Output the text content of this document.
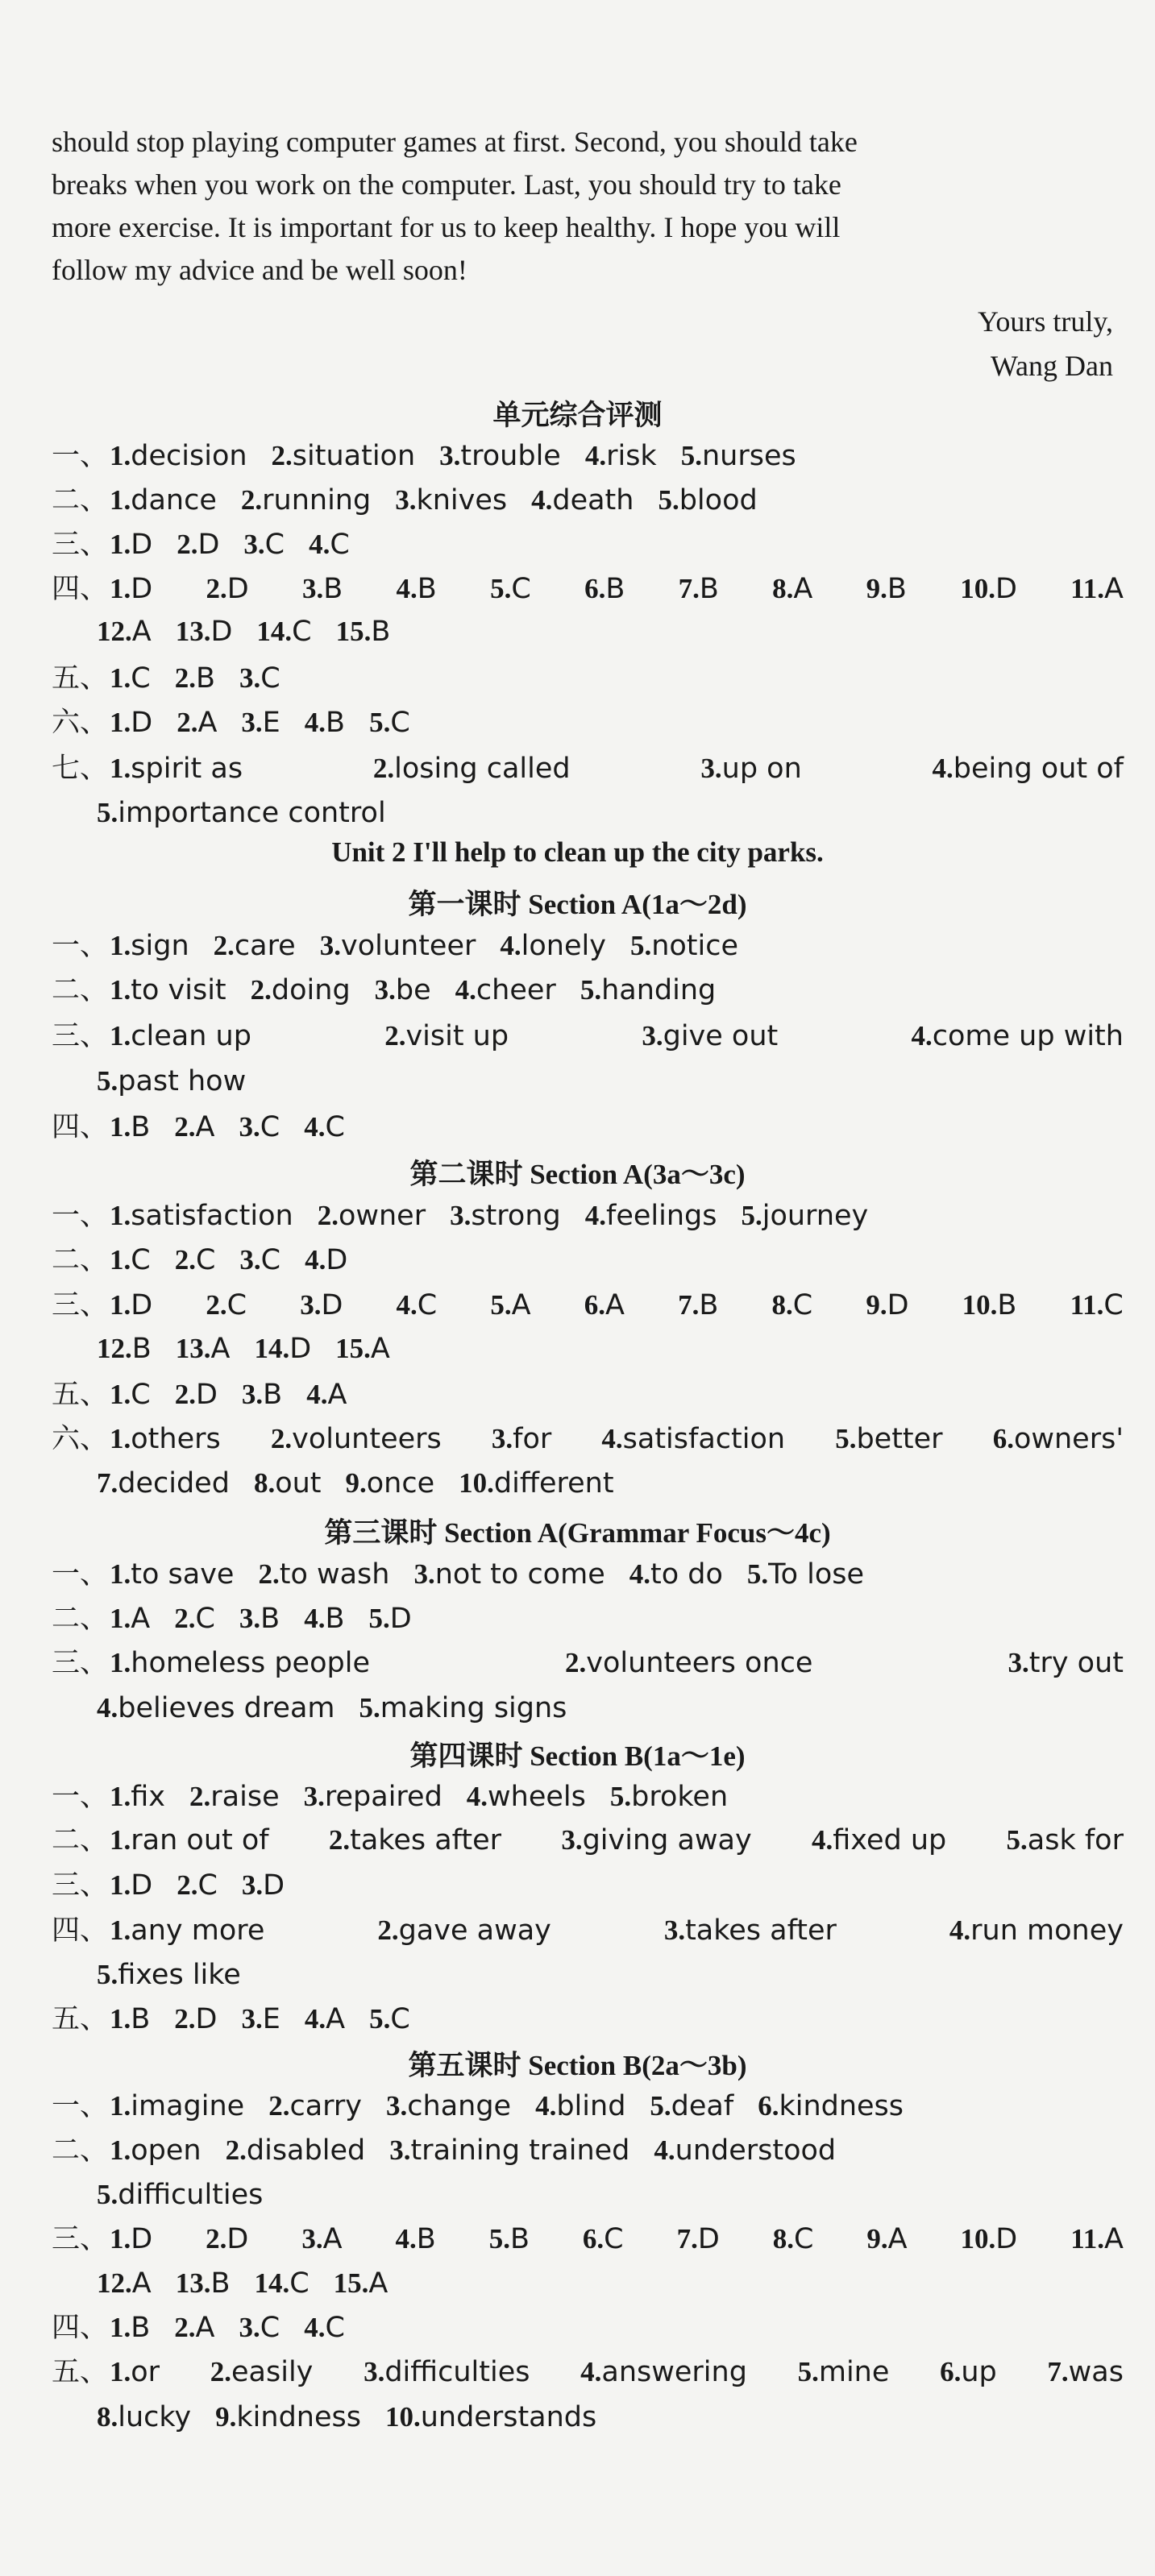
should stop playing computer games at first. Second, you should take
breaks when you work on the computer. Last, you should try to take
more exercise. It is important for us to keep healthy. I hope you will
follow my advice and be well soon!
Yours truly,
Wang Dan
单元综合评测
一、1.decision 2.situation 3.trouble 4.risk 5.nurses
二、1.dance 2.running 3.knives 4.death 5.blood
三、1.D 2.D 3.C 4.C
四、 1.D 2.D 3.B 4.B 5.C 6.B 7.B 8.A 9.B 10.D 11.A
12.A 13.D 14.C 15.B
五、1.C 2.B 3.C
六、1.D 2.A 3.E 4.B 5.C
七、 1.spirit as	2.losing called	3.up on	4.being out of
5.importance control
Unit 2 I'll help to clean up the city parks.
第一课时 Section A(1a～2d)
一、1.sign 2.care 3.volunteer 4.lonely 5.notice
二、1.to visit 2.doing 3.be 4.cheer 5.handing
三、 1.clean up	2.visit up	3.give out	4.come up with
5.past how
四、1.B 2.A 3.C 4.C
第二课时 Section A(3a～3c)
一、1.satisfaction 2.owner 3.strong 4.feelings 5.journey
二、1.C 2.C 3.C 4.D
三、 1.D 2.C 3.D 4.C 5.A 6.A 7.B 8.C 9.D 10.B 11.C
12.B 13.A 14.D 15.A
五、1.C 2.D 3.B 4.A
六、 1.others 2.volunteers 3.for 4.satisfaction 5.better 6.owners'
7.decided 8.out 9.once 10.different
第三课时 Section A(Grammar Focus～4c)
一、1.to save 2.to wash 3.not to come 4.to do 5.To lose
二、1.A 2.C 3.B 4.B 5.D
三、 1.homeless people	2.volunteers once	3.try out
4.believes dream 5.making signs
第四课时 Section B(1a～1e)
一、1.fix 2.raise 3.repaired 4.wheels 5.broken
二、 1.ran out of 2.takes after 3.giving away 4.fixed up 5.ask for
三、1.D 2.C 3.D
四、 1.any more	2.gave away	3.takes after	4.run money
5.fixes like
五、1.B 2.D 3.E 4.A 5.C
第五课时 Section B(2a～3b)
一、1.imagine 2.carry 3.change 4.blind 5.deaf 6.kindness
二、1.open 2.disabled 3.training trained 4.understood
5.difficulties
三、 1.D 2.D 3.A 4.B 5.B 6.C 7.D 8.C 9.A 10.D 11.A
12.A 13.B 14.C 15.A
四、1.B 2.A 3.C 4.C
五、 1.or 2.easily 3.difficulties 4.answering 5.mine 6.up 7.was
8.lucky 9.kindness 10.understands
